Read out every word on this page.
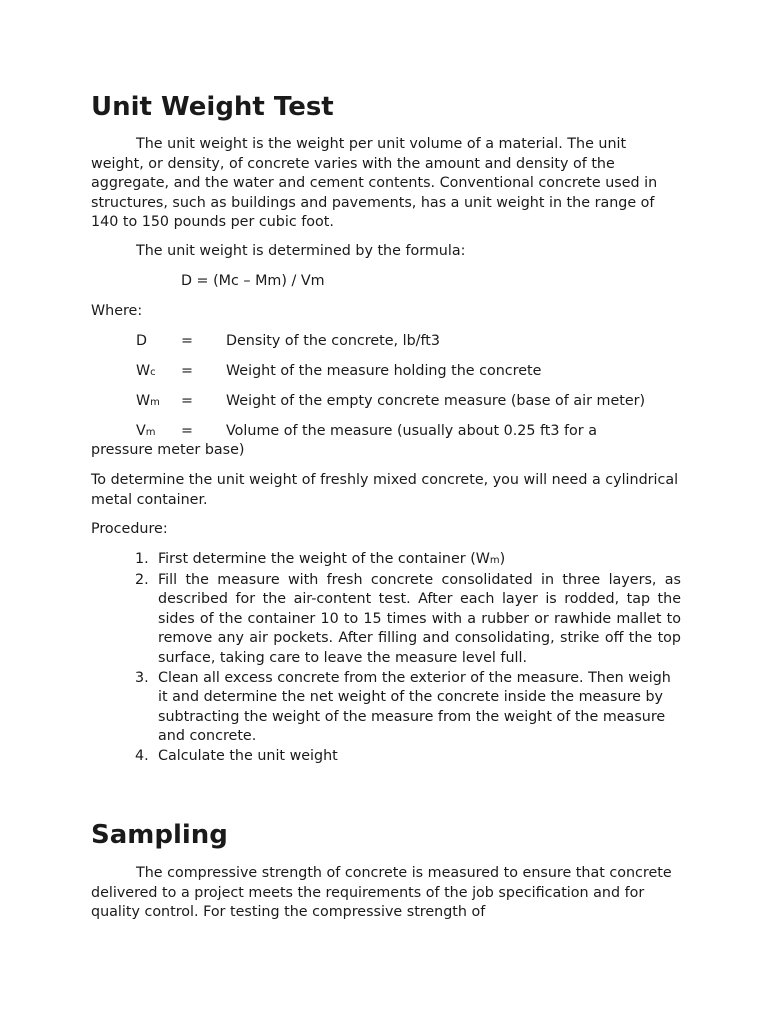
Unit Weight Test

The unit weight is the weight per unit volume of a material. The unit weight, or density, of concrete varies with the amount and density of the aggregate, and the water and cement contents. Conventional concrete used in structures, such as buildings and pavements, has a unit weight in the range of 140 to 150 pounds per cubic foot.

The unit weight is determined by the formula:

D = (Mc – Mm) / Vm

Where:

D = Density of the concrete, lb/ft3
Wc = Weight of the measure holding the concrete
Wm = Weight of the empty concrete measure (base of air meter)
Vm = Volume of the measure (usually about 0.25 ft3 for a
pressure meter base)

To determine the unit weight of freshly mixed concrete, you will need a cylindrical metal container.

Procedure:

1. First determine the weight of the container (Wm)
2. Fill the measure with fresh concrete consolidated in three layers, as described for the air-content test. After each layer is rodded, tap the sides of the container 10 to 15 times with a rubber or rawhide mallet to remove any air pockets. After filling and consolidating, strike off the top surface, taking care to leave the measure level full.
3. Clean all excess concrete from the exterior of the measure. Then weigh it and determine the net weight of the concrete inside the measure by subtracting the weight of the measure from the weight of the measure and concrete.
4. Calculate the unit weight
Sampling

The compressive strength of concrete is measured to ensure that concrete delivered to a project meets the requirements of the job specification and for quality control. For testing the compressive strength of
